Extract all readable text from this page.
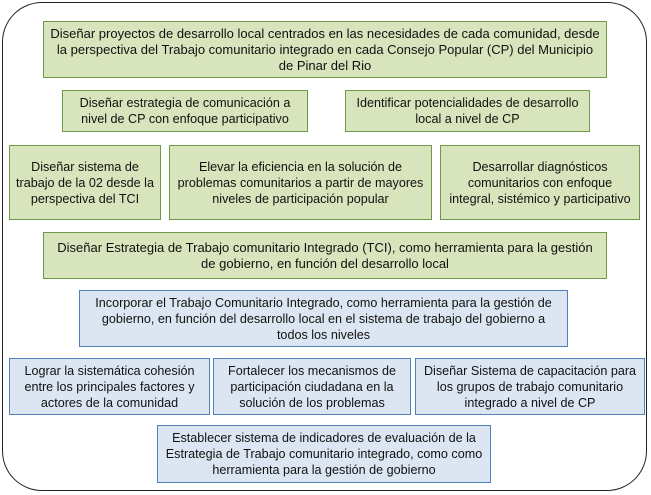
Diseñar proyectos de desarrollo local centrados en las necesidades de cada comunidad, desde la perspectiva del Trabajo comunitario integrado en cada Consejo Popular (CP) del Municipio de Pinar del Rio
Diseñar estrategia de comunicación a nivel de CP con enfoque participativo
Identificar potencialidades de desarrollo local a nivel de CP
Diseñar sistema de trabajo de la 02 desde la perspectiva del TCI
Elevar la eficiencia en la solución de problemas comunitarios a partir de mayores niveles de participación popular
Desarrollar diagnósticos comunitarios con enfoque integral, sistémico y participativo
Diseñar Estrategia de Trabajo comunitario Integrado (TCI), como herramienta para la gestión de gobierno, en función del desarrollo local
Incorporar el Trabajo Comunitario Integrado, como herramienta para la gestión de gobierno, en función del desarrollo local en el sistema de trabajo del gobierno a todos los niveles
Lograr la sistemática cohesión entre los principales factores y actores de la comunidad
Fortalecer los mecanismos de participación ciudadana en la solución de los problemas
Diseñar Sistema de capacitación para los grupos de trabajo comunitario integrado a nivel de CP
Establecer sistema de indicadores de evaluación de la Estrategia de Trabajo comunitario integrado, como como herramienta para la gestión de gobierno
